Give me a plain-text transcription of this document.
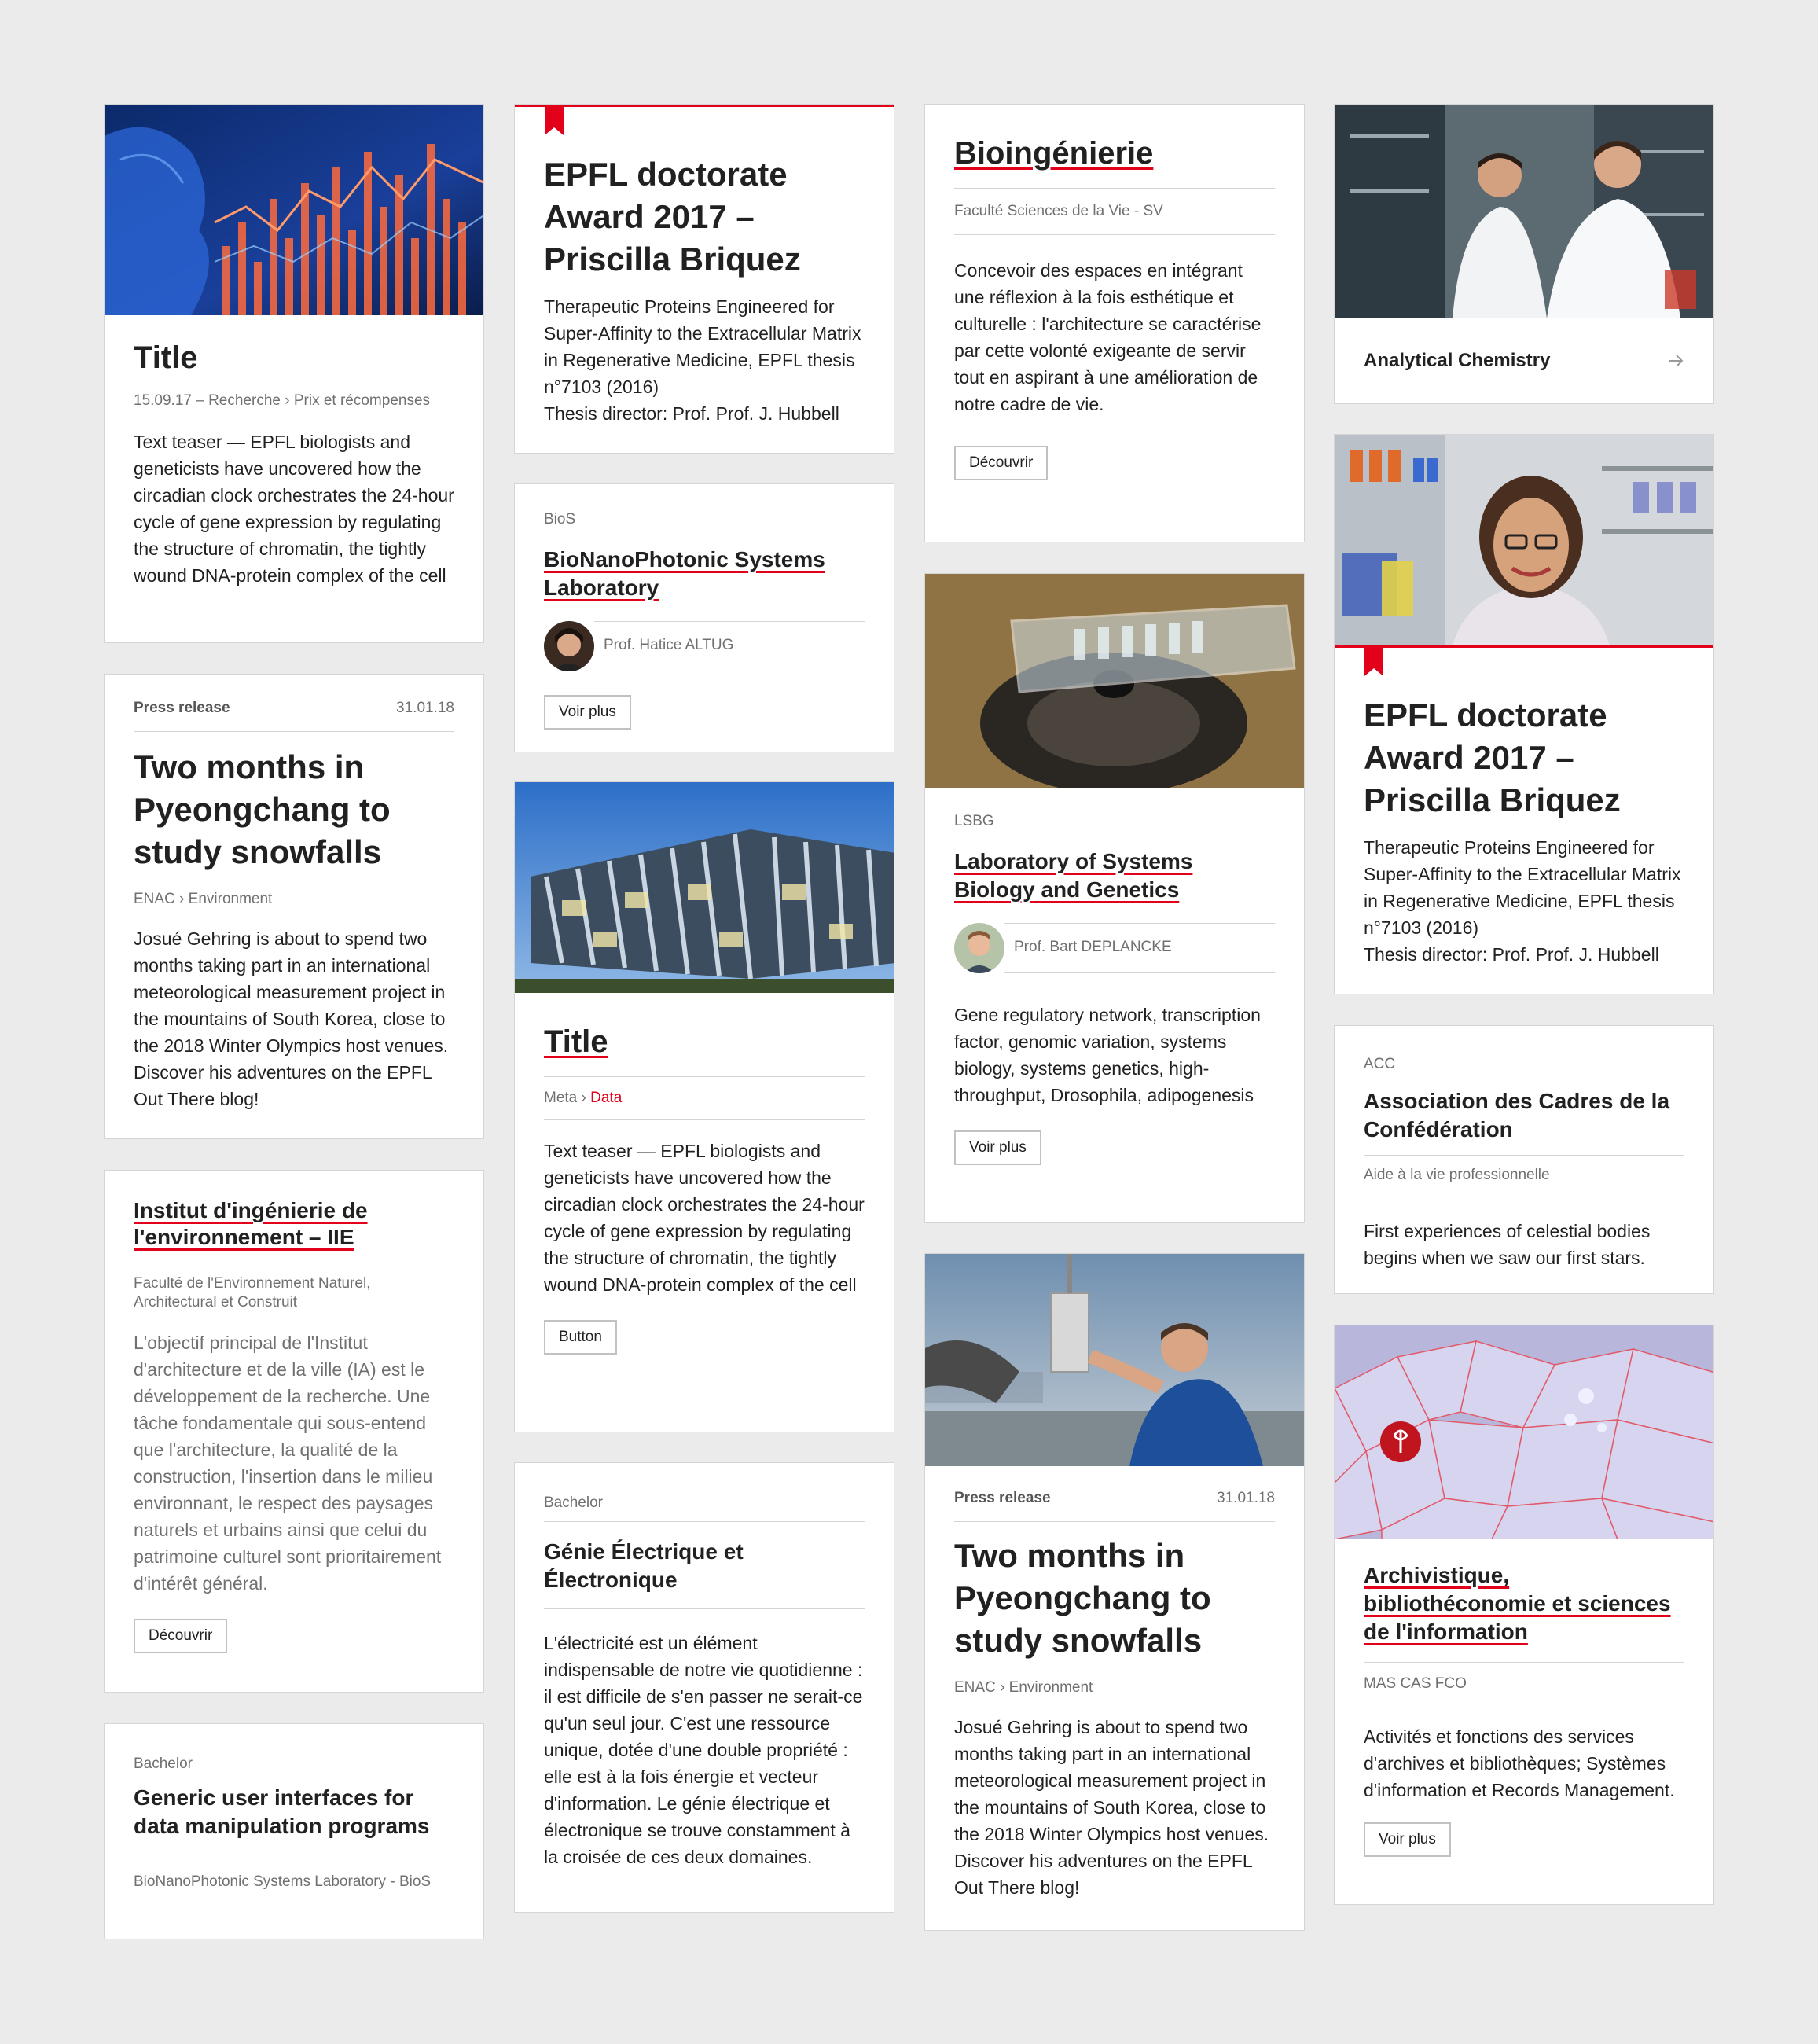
Title
15.09.17 – Recherche › Prix et récompenses
Text teaser — EPFL biologists and geneticists have uncovered how the circadian clock orchestrates the 24-hour cycle of gene expression by regulating the structure of chromatin, the tightly wound DNA-protein complex of the cell
Press release	31.01.18
Two months in Pyeongchang to study snowfalls
ENAC › Environment
Josué Gehring is about to spend two months taking part in an international meteorological measurement project in the mountains of South Korea, close to the 2018 Winter Olympics host venues. Discover his adventures on the EPFL Out There blog!
Institut d'ingénierie de l'environnement – IIE
Faculté de l'Environnement Naturel, Architectural et Construit
L'objectif principal de l'Institut d'architecture et de la ville (IA) est le développement de la recherche. Une tâche fondamentale qui sous-entend que l'architecture, la qualité de la construction, l'insertion dans le milieu environnant, le respect des paysages naturels et urbains ainsi que celui du patrimoine culturel sont prioritairement d'intérêt général.
Découvrir
Bachelor
Generic user interfaces for data manipulation programs
BioNanoPhotonic Systems Laboratory - BioS
EPFL doctorate Award 2017 – Priscilla Briquez
Therapeutic Proteins Engineered for Super-Affinity to the Extracellular Matrix in Regenerative Medicine, EPFL thesis n°7103 (2016)
Thesis director: Prof. Prof. J. Hubbell
BioS
BioNanoPhotonic Systems Laboratory
Prof. Hatice ALTUG
Voir plus
Title
Meta › Data
Text teaser — EPFL biologists and geneticists have uncovered how the circadian clock orchestrates the 24-hour cycle of gene expression by regulating the structure of chromatin, the tightly wound DNA-protein complex of the cell
Button
Bachelor
Génie Électrique et Électronique
L'électricité est un élément indispensable de notre vie quotidienne : il est difficile de s'en passer ne serait-ce qu'un seul jour. C'est une ressource unique, dotée d'une double propriété : elle est à la fois énergie et vecteur d'information. Le génie électrique et électronique se trouve constamment à la croisée de ces deux domaines.
Bioingénierie
Faculté Sciences de la Vie - SV
Concevoir des espaces en intégrant une réflexion à la fois esthétique et culturelle : l'architecture se caractérise par cette volonté exigeante de servir tout en aspirant à une amélioration de notre cadre de vie.
Découvrir
LSBG
Laboratory of Systems Biology and Genetics
Prof. Bart DEPLANCKE
Gene regulatory network, transcription factor, genomic variation, systems biology, systems genetics, high-throughput, Drosophila, adipogenesis
Voir plus
Press release	31.01.18
Two months in Pyeongchang to study snowfalls
ENAC › Environment
Josué Gehring is about to spend two months taking part in an international meteorological measurement project in the mountains of South Korea, close to the 2018 Winter Olympics host venues. Discover his adventures on the EPFL Out There blog!
Analytical Chemistry
EPFL doctorate Award 2017 – Priscilla Briquez
Therapeutic Proteins Engineered for Super-Affinity to the Extracellular Matrix in Regenerative Medicine, EPFL thesis n°7103 (2016)
Thesis director: Prof. Prof. J. Hubbell
ACC
Association des Cadres de la Confédération
Aide à la vie professionnelle
First experiences of celestial bodies begins when we saw our first stars.
Archivistique, bibliothéconomie et sciences de l'information
MAS CAS FCO
Activités et fonctions des services d'archives et bibliothèques; Systèmes d'information et Records Management.
Voir plus
